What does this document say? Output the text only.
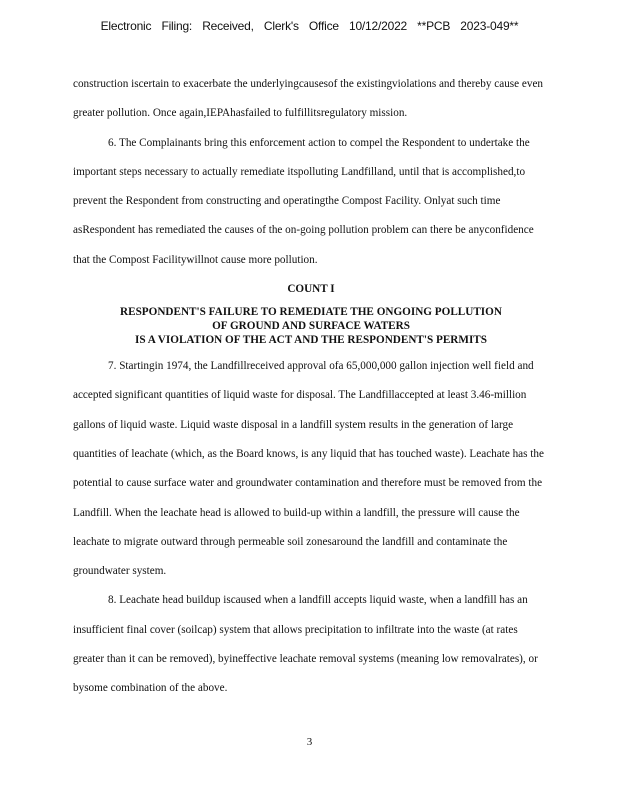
Electronic Filing: Received, Clerk's Office 10/12/2022 **PCB 2023-049**

construction iscertain to exacerbate the underlyingcausesof the existingviolations and thereby cause even greater pollution. Once again,IEPAhasfailed to fulfillitsregulatory mission.

6. The Complainants bring this enforcement action to compel the Respondent to undertake the important steps necessary to actually remediate itspolluting Landfilland, until that is accomplished,to prevent the Respondent from constructing and operatingthe Compost Facility. Onlyat such time asRespondent has remediated the causes of the on-going pollution problem can there be anyconfidence that the Compost Facilitywillnot cause more pollution.

COUNT I

RESPONDENT'S FAILURE TO REMEDIATE THE ONGOING POLLUTION
OF GROUND AND SURFACE WATERS
IS A VIOLATION OF THE ACT AND THE RESPONDENT'S PERMITS

7. Startingin 1974, the Landfillreceived approval ofa 65,000,000 gallon injection well field and accepted significant quantities of liquid waste for disposal. The Landfillaccepted at least 3.46-million gallons of liquid waste. Liquid waste disposal in a landfill system results in the generation of large quantities of leachate (which, as the Board knows, is any liquid that has touched waste). Leachate has the potential to cause surface water and groundwater contamination and therefore must be removed from the Landfill. When the leachate head is allowed to build-up within a landfill, the pressure will cause the leachate to migrate outward through permeable soil zonesaround the landfill and contaminate the groundwater system.

8. Leachate head buildup iscaused when a landfill accepts liquid waste, when a landfill has an insufficient final cover (soilcap) system that allows precipitation to infiltrate into the waste (at rates greater than it can be removed), byineffective leachate removal systems (meaning low removalrates), or bysome combination of the above.

3
